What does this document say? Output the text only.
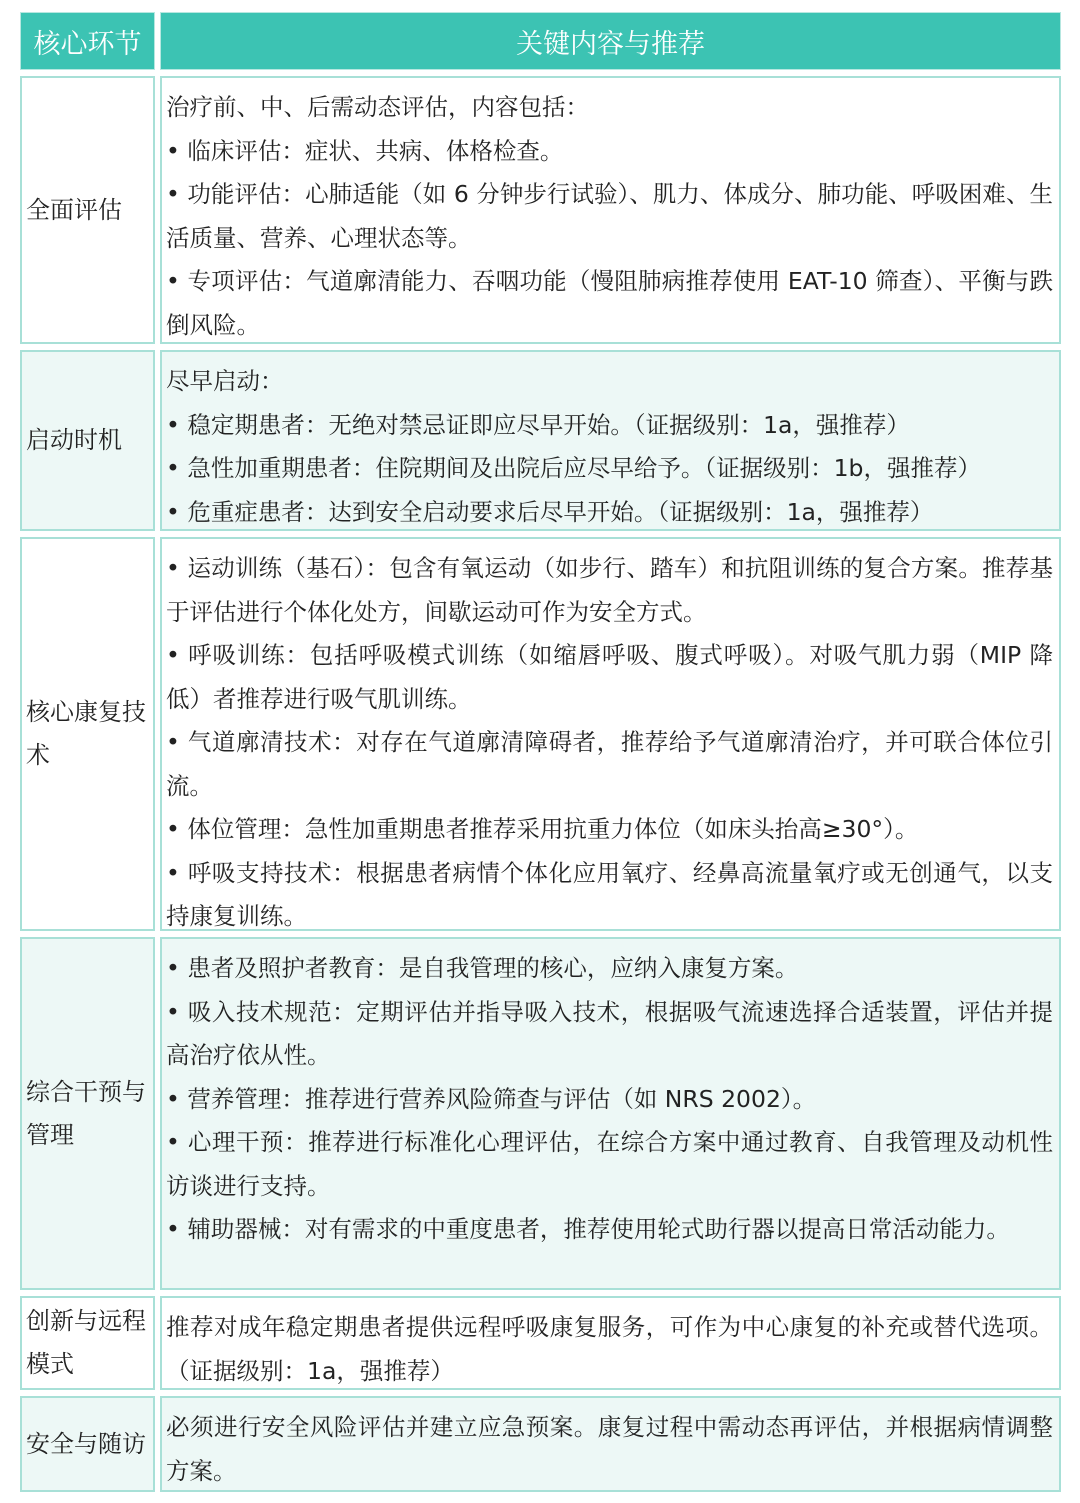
核心环节	关键内容与推荐
全面评估
治疗前、中、后需动态评估，内容包括：
• 临床评估：症状、共病、体格检查。
• 功能评估：心肺适能（如 6 分钟步行试验）、肌力、体成分、肺功能、呼吸困难、生活质量、营养、心理状态等。
• 专项评估：气道廓清能力、吞咽功能（慢阻肺病推荐使用 EAT-10 筛查）、平衡与跌倒风险。
启动时机
尽早启动：
• 稳定期患者：无绝对禁忌证即应尽早开始。（证据级别：1a，强推荐）
• 急性加重期患者：住院期间及出院后应尽早给予。（证据级别：1b，强推荐）
• 危重症患者：达到安全启动要求后尽早开始。（证据级别：1a，强推荐）
核心康复技术
• 运动训练（基石）：包含有氧运动（如步行、踏车）和抗阻训练的复合方案。推荐基于评估进行个体化处方，间歇运动可作为安全方式。
• 呼吸训练：包括呼吸模式训练（如缩唇呼吸、腹式呼吸）。对吸气肌力弱（MIP 降低）者推荐进行吸气肌训练。
• 气道廓清技术：对存在气道廓清障碍者，推荐给予气道廓清治疗，并可联合体位引流。
• 体位管理：急性加重期患者推荐采用抗重力体位（如床头抬高≥30°）。
• 呼吸支持技术：根据患者病情个体化应用氧疗、经鼻高流量氧疗或无创通气，以支持康复训练。
综合干预与管理
• 患者及照护者教育：是自我管理的核心，应纳入康复方案。
• 吸入技术规范：定期评估并指导吸入技术，根据吸气流速选择合适装置，评估并提高治疗依从性。
• 营养管理：推荐进行营养风险筛查与评估（如 NRS 2002）。
• 心理干预：推荐进行标准化心理评估，在综合方案中通过教育、自我管理及动机性访谈进行支持。
• 辅助器械：对有需求的中重度患者，推荐使用轮式助行器以提高日常活动能力。
创新与远程模式
推荐对成年稳定期患者提供远程呼吸康复服务，可作为中心康复的补充或替代选项。（证据级别：1a，强推荐）
安全与随访
必须进行安全风险评估并建立应急预案。康复过程中需动态再评估，并根据病情调整方案。
